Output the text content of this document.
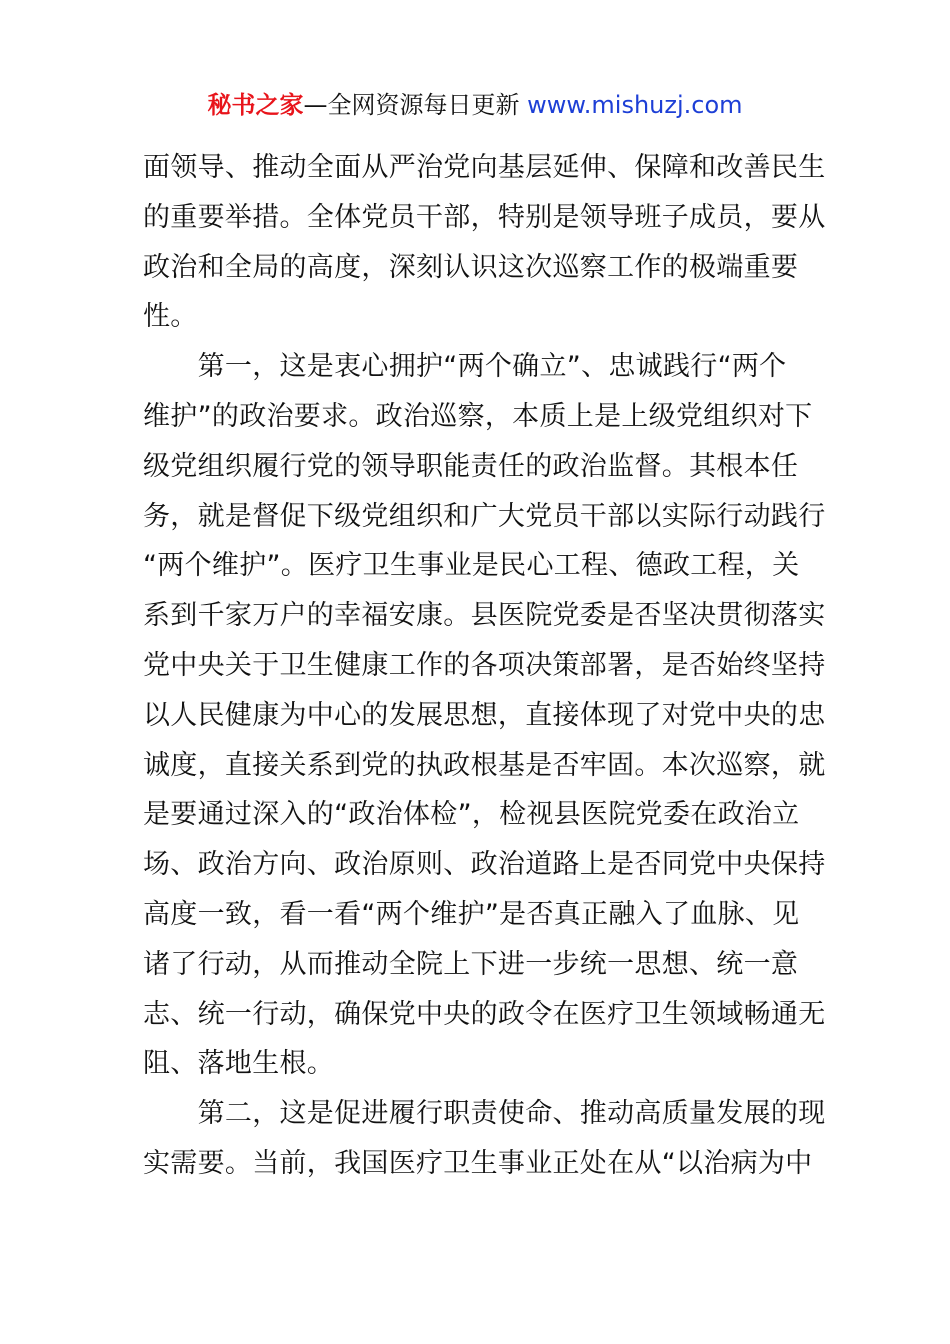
秘书之家—全网资源每日更新 www.mishuzj.com
面领导、推动全面从严治党向基层延伸、保障和改善民生
的重要举措。全体党员干部，特别是领导班子成员，要从
政治和全局的高度，深刻认识这次巡察工作的极端重要
性。
　　第一，这是衷心拥护“两个确立”、忠诚践行“两个
维护”的政治要求。政治巡察，本质上是上级党组织对下
级党组织履行党的领导职能责任的政治监督。其根本任
务，就是督促下级党组织和广大党员干部以实际行动践行
“两个维护”。医疗卫生事业是民心工程、德政工程，关
系到千家万户的幸福安康。县医院党委是否坚决贯彻落实
党中央关于卫生健康工作的各项决策部署，是否始终坚持
以人民健康为中心的发展思想，直接体现了对党中央的忠
诚度，直接关系到党的执政根基是否牢固。本次巡察，就
是要通过深入的“政治体检”，检视县医院党委在政治立
场、政治方向、政治原则、政治道路上是否同党中央保持
高度一致，看一看“两个维护”是否真正融入了血脉、见
诸了行动，从而推动全院上下进一步统一思想、统一意
志、统一行动，确保党中央的政令在医疗卫生领域畅通无
阻、落地生根。
　　第二，这是促进履行职责使命、推动高质量发展的现
实需要。当前，我国医疗卫生事业正处在从“以治病为中
